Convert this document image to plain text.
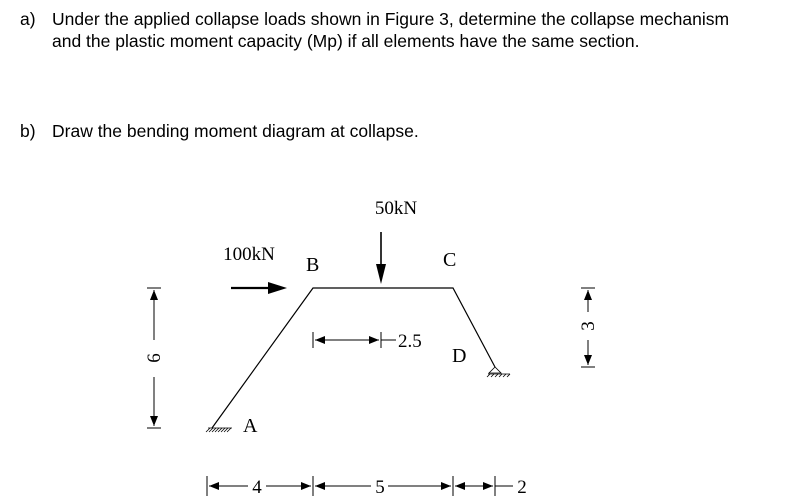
a) Under the applied collapse loads shown in Figure 3, determine the collapse mechanism and the plastic moment capacity (Mp) if all elements have the same section.
b) Draw the bending moment diagram at collapse.
100kN
50kN
A
B	C
D
6
3
2.5
4	5	2
